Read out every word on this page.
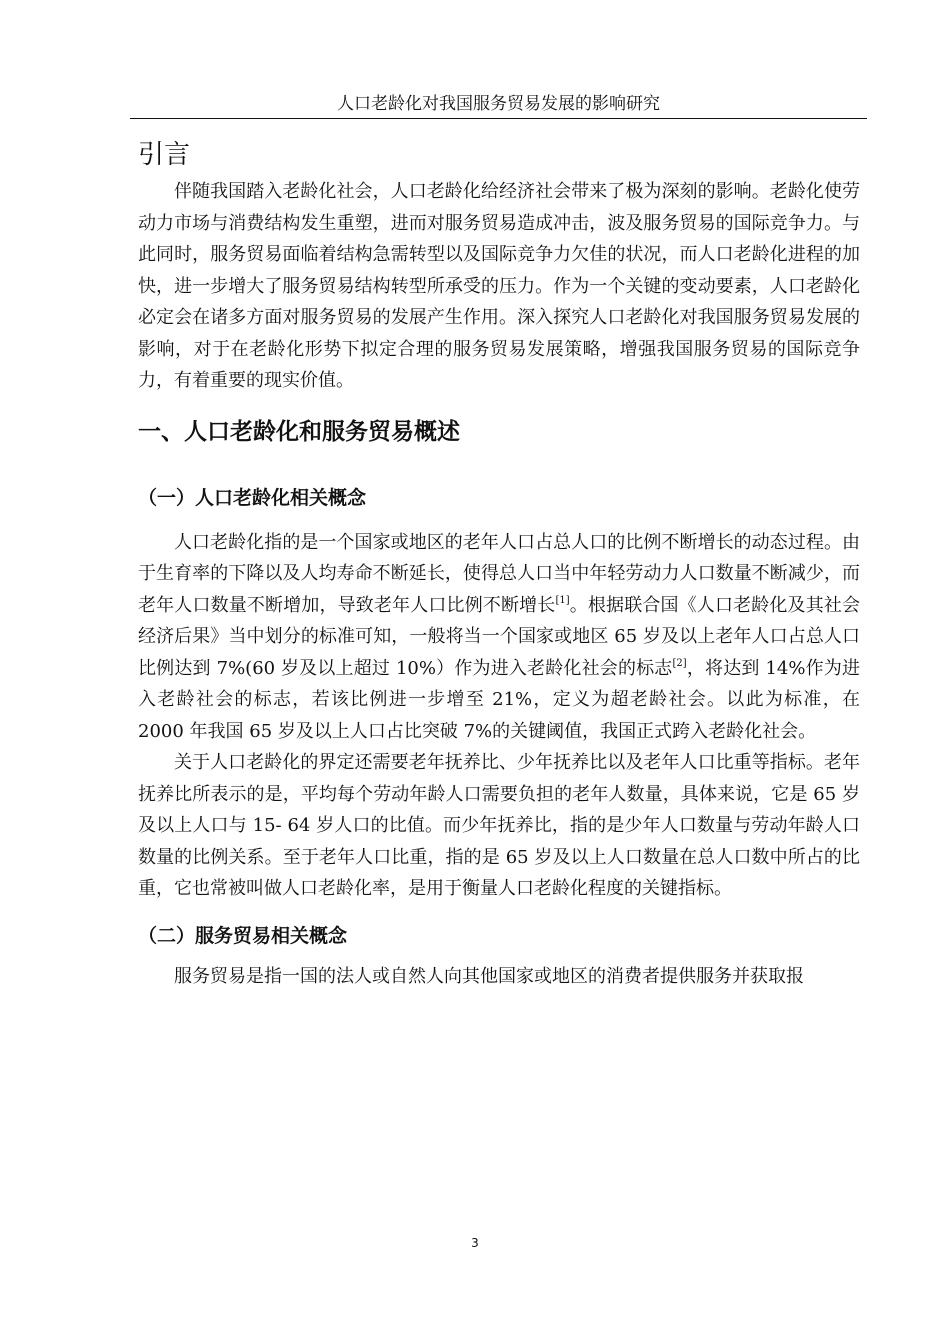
人口老龄化对我国服务贸易发展的影响研究
引言

伴随我国踏入老龄化社会，人口老龄化给经济社会带来了极为深刻的影响。老龄化使劳动力市场与消费结构发生重塑，进而对服务贸易造成冲击，波及服务贸易的国际竞争力。与此同时，服务贸易面临着结构急需转型以及国际竞争力欠佳的状况，而人口老龄化进程的加快，进一步增大了服务贸易结构转型所承受的压力。作为一个关键的变动要素，人口老龄化必定会在诸多方面对服务贸易的发展产生作用。深入探究人口老龄化对我国服务贸易发展的影响，对于在老龄化形势下拟定合理的服务贸易发展策略，增强我国服务贸易的国际竞争力，有着重要的现实价值。

一、人口老龄化和服务贸易概述
（一）人口老龄化相关概念

人口老龄化指的是一个国家或地区的老年人口占总人口的比例不断增长的动态过程。由于生育率的下降以及人均寿命不断延长，使得总人口当中年轻劳动力人口数量不断减少，而老年人口数量不断增加，导致老年人口比例不断增长[1]。根据联合国《人口老龄化及其社会经济后果》当中划分的标准可知，一般将当一个国家或地区 65 岁及以上老年人口占总人口比例达到 7%(60 岁及以上超过 10%）作为进入老龄化社会的标志[2]，将达到 14%作为进入老龄社会的标志，若该比例进一步增至 21%，定义为超老龄社会。以此为标准，在 2000 年我国 65 岁及以上人口占比突破 7%的关键阈值，我国正式跨入老龄化社会。

关于人口老龄化的界定还需要老年抚养比、少年抚养比以及老年人口比重等指标。老年抚养比所表示的是，平均每个劳动年龄人口需要负担的老年人数量，具体来说，它是 65 岁及以上人口与 15- 64 岁人口的比值。而少年抚养比，指的是少年人口数量与劳动年龄人口数量的比例关系。至于老年人口比重，指的是 65 岁及以上人口数量在总人口数中所占的比重，它也常被叫做人口老龄化率，是用于衡量人口老龄化程度的关键指标。

（二）服务贸易相关概念

服务贸易是指一国的法人或自然人向其他国家或地区的消费者提供服务并获取报

3
